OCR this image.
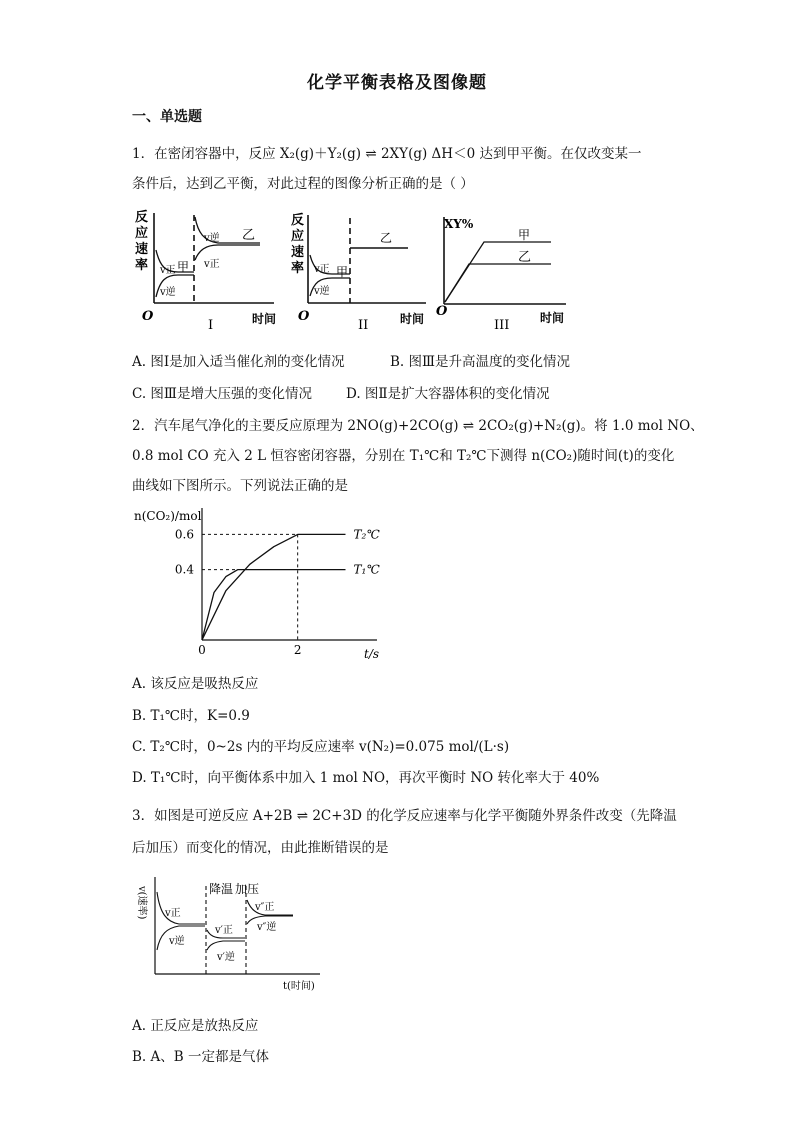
化学平衡表格及图像题
一、单选题
1．在密闭容器中，反应 X₂(g)＋Y₂(g) ⇌ 2XY(g) ΔH＜0 达到甲平衡。在仅改变某一
条件后，达到乙平衡，对此过程的图像分析正确的是（ ）
反
应
速
率
v逆
v正
v正
v逆
甲
乙
O	时间
I
反
应
速
率
乙
v正
v逆
甲
O	时间
II
XY%
甲
乙
O	时间
III
A. 图Ⅰ是加入适当催化剂的变化情况	B. 图Ⅲ是升高温度的变化情况
C. 图Ⅲ是增大压强的变化情况	D. 图Ⅱ是扩大容器体积的变化情况
2．汽车尾气净化的主要反应原理为 2NO(g)+2CO(g) ⇌ 2CO₂(g)+N₂(g)。将 1.0 mol NO、
0.8 mol CO 充入 2 L 恒容密闭容器，分别在 T₁℃和 T₂℃下测得 n(CO₂)随时间(t)的变化
曲线如下图所示。下列说法正确的是
n(CO₂)/mol
t/s
0.6
0.4
0	2
T₂℃
T₁℃
A. 该反应是吸热反应
B. T₁℃时，K=0.9
C. T₂℃时，0~2s 内的平均反应速率 v(N₂)=0.075 mol/(L·s)
D. T₁℃时，向平衡体系中加入 1 mol NO，再次平衡时 NO 转化率大于 40%
3．如图是可逆反应 A+2B ⇌ 2C+3D 的化学反应速率与化学平衡随外界条件改变（先降温
后加压）而变化的情况，由此推断错误的是
v(速率)	降温 加压
v正
v逆
v′正
v′逆
v″正
v″逆
t(时间)
A. 正反应是放热反应
B. A、B 一定都是气体
